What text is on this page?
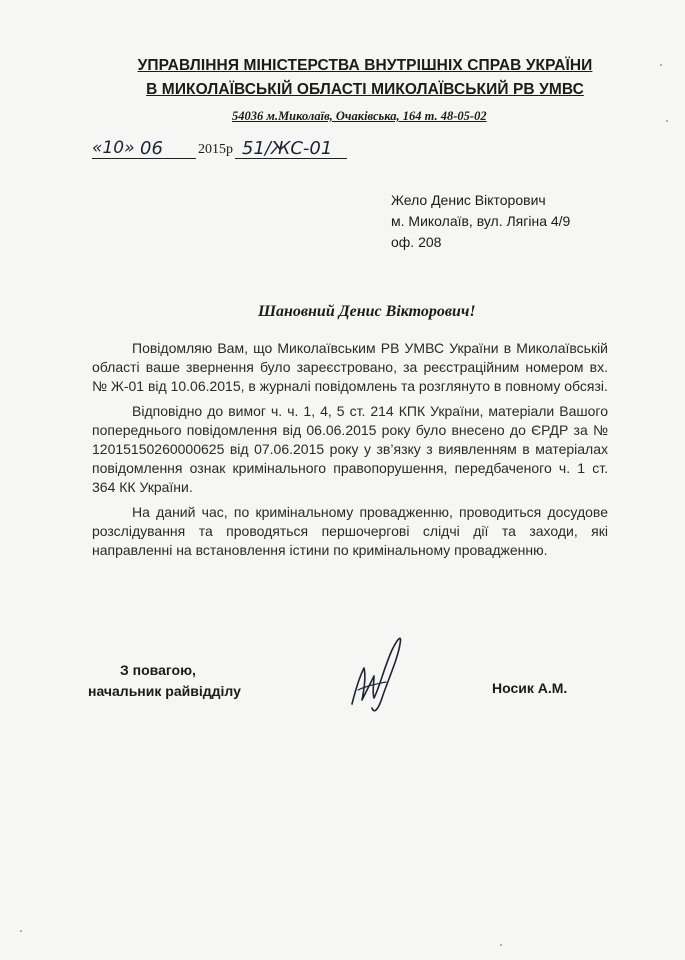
УПРАВЛІННЯ МІНІСТЕРСТВА ВНУТРІШНІХ СПРАВ УКРАЇНИ
В МИКОЛАЇВСЬКІЙ ОБЛАСТІ МИКОЛАЇВСЬКИЙ РВ УМВС
54036 м.Миколаїв, Очаківська, 164 т. 48-05-02
«10» 06	2015р 51/ЖС-01
Жело Денис Вікторович
м. Миколаїв, вул. Лягіна 4/9
оф. 208
Шановний Денис Вікторович!

Повідомляю Вам, що Миколаївським РВ УМВС України в Миколаївській області ваше звернення було зареєстровано, за реєстраційним номером вх. № Ж-01 від 10.06.2015, в журналі повідомлень та розглянуто в повному обсязі.

Відповідно до вимог ч. ч. 1, 4, 5 ст. 214 КПК України, матеріали Вашого попереднього повідомлення від 06.06.2015 року було внесено до ЄРДР за № 12015150260000625 від 07.06.2015 року у зв’язку з виявленням в матеріалах повідомлення ознак кримінального правопорушення, передбаченого ч. 1 ст. 364 КК України.

На даний час, по кримінальному провадженню, проводиться досудове розслідування та проводяться першочергові слідчі дії та заходи, які направленні на встановлення істини по кримінальному провадженню.

З повагою,
начальник райвідділу	Носик А.М.
